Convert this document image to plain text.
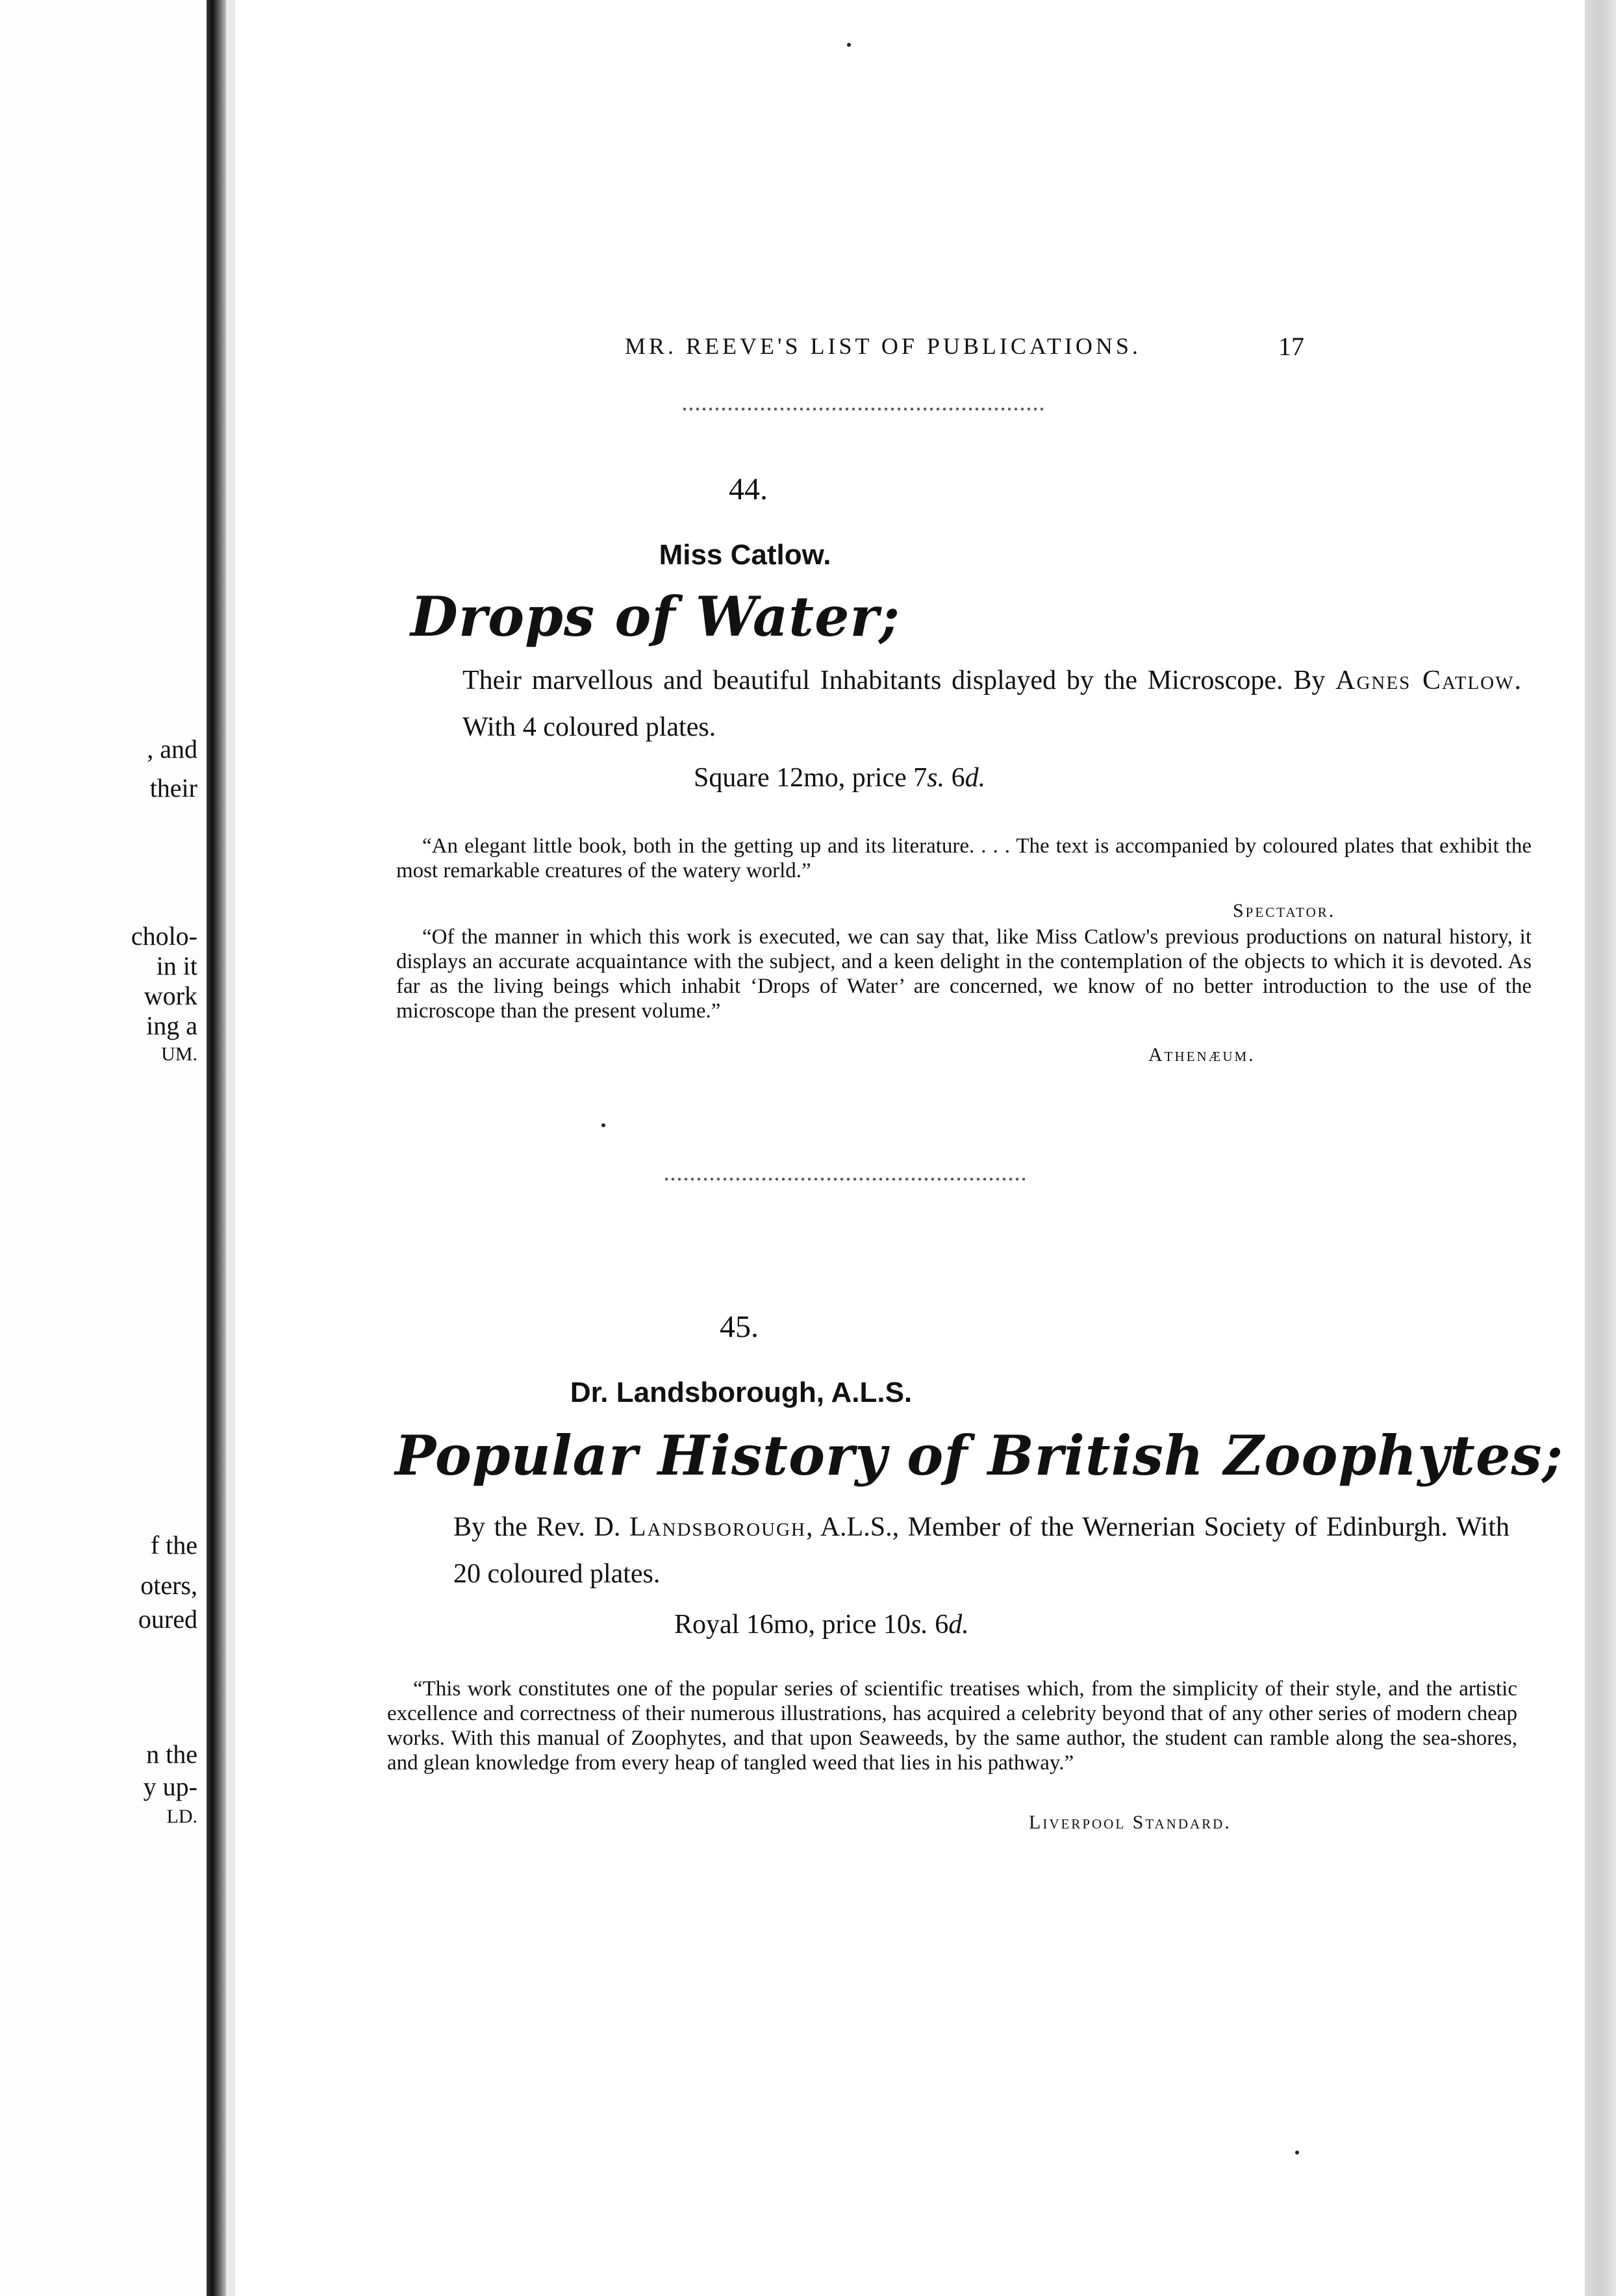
, and
their
cholo-
in it
work
ing a
UM.
f the
oters,
oured
n the
y up-
LD.
MR. REEVE'S LIST OF PUBLICATIONS.	17
44.
Miss Catlow.
Drops of Water;
Their marvellous and beautiful Inhabitants displayed by the Microscope. By Agnes Catlow. With 4 coloured plates.
Square 12mo, price 7s. 6d.
“An elegant little book, both in the getting up and its literature. . . . The text is accompanied by coloured plates that exhibit the most remarkable creatures of the watery world.”
Spectator.
“Of the manner in which this work is executed, we can say that, like Miss Catlow's previous productions on natural history, it displays an accurate acquaintance with the subject, and a keen delight in the contemplation of the objects to which it is devoted. As far as the living beings which inhabit ‘Drops of Water’ are concerned, we know of no better introduction to the use of the microscope than the present volume.”
Athenæum.
45.
Dr. Landsborough, A.L.S.
Popular History of British Zoophytes;
By the Rev. D. Landsborough, A.L.S., Member of the Wernerian Society of Edinburgh. With 20 coloured plates.
Royal 16mo, price 10s. 6d.
“This work constitutes one of the popular series of scientific treatises which, from the simplicity of their style, and the artistic excellence and correctness of their numerous illustrations, has acquired a celebrity beyond that of any other series of modern cheap works. With this manual of Zoophytes, and that upon Seaweeds, by the same author, the student can ramble along the sea-shores, and glean knowledge from every heap of tangled weed that lies in his pathway.”
Liverpool Standard.
